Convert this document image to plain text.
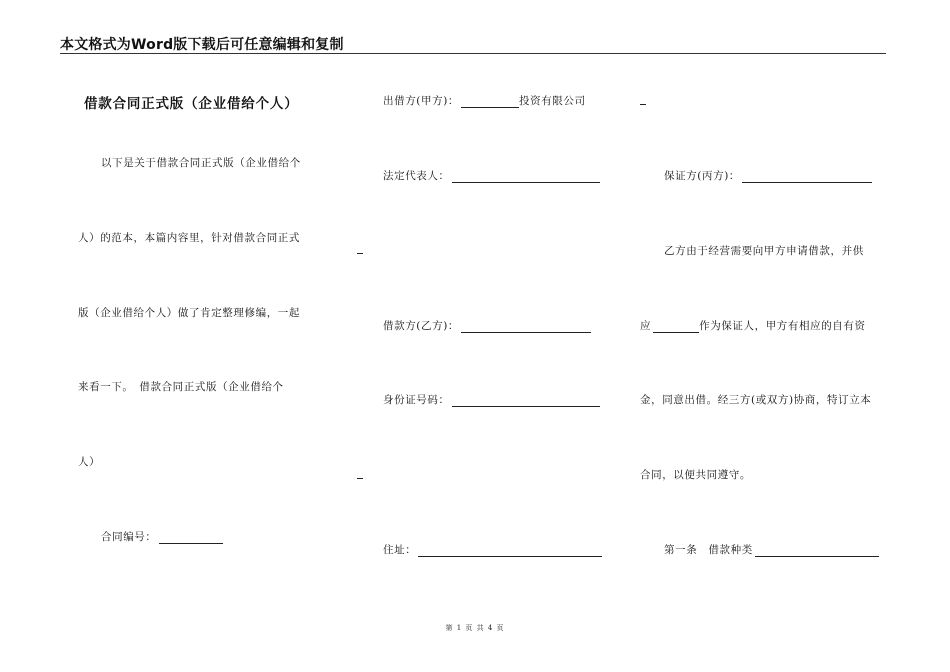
本文格式为Word版下载后可任意编辑和复制
借款合同正式版（企业借给个人）
以下是关于借款合同正式版（企业借给个
人）的范本，本篇内容里，针对借款合同正式
版（企业借给个人）做了肯定整理修编，一起
来看一下。　借款合同正式版（企业借给个
人）
合同编号：
出借方(甲方)：	投资有限公司
法定代表人：
借款方(乙方)：
身份证号码：
住址：
保证方(丙方)：
乙方由于经营需要向甲方申请借款，并供
应	作为保证人，甲方有相应的自有资
金，同意出借。经三方(或双方)协商，特订立本
合同，以便共同遵守。
第一条　借款种类
第 1 页 共 4 页
